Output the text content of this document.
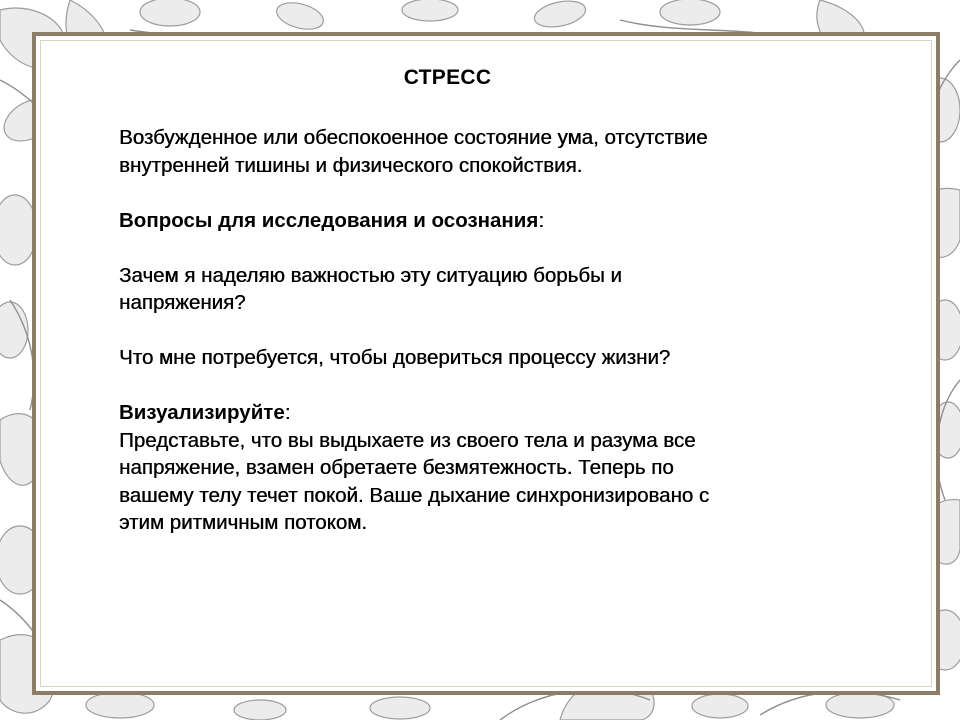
СТРЕСС

Возбужденное или обеспокоенное состояние ума, отсутствие

внутренней тишины и физического спокойствия.

Вопросы для исследования и осознания:

Зачем я наделяю важностью эту ситуацию борьбы и

напряжения?

Что мне потребуется, чтобы довериться процессу жизни?

Визуализируйте:

Представьте, что вы выдыхаете из своего тела и разума все

напряжение, взамен обретаете безмятежность. Теперь по

вашему телу течет покой. Ваше дыхание синхронизировано с

этим ритмичным потоком.
